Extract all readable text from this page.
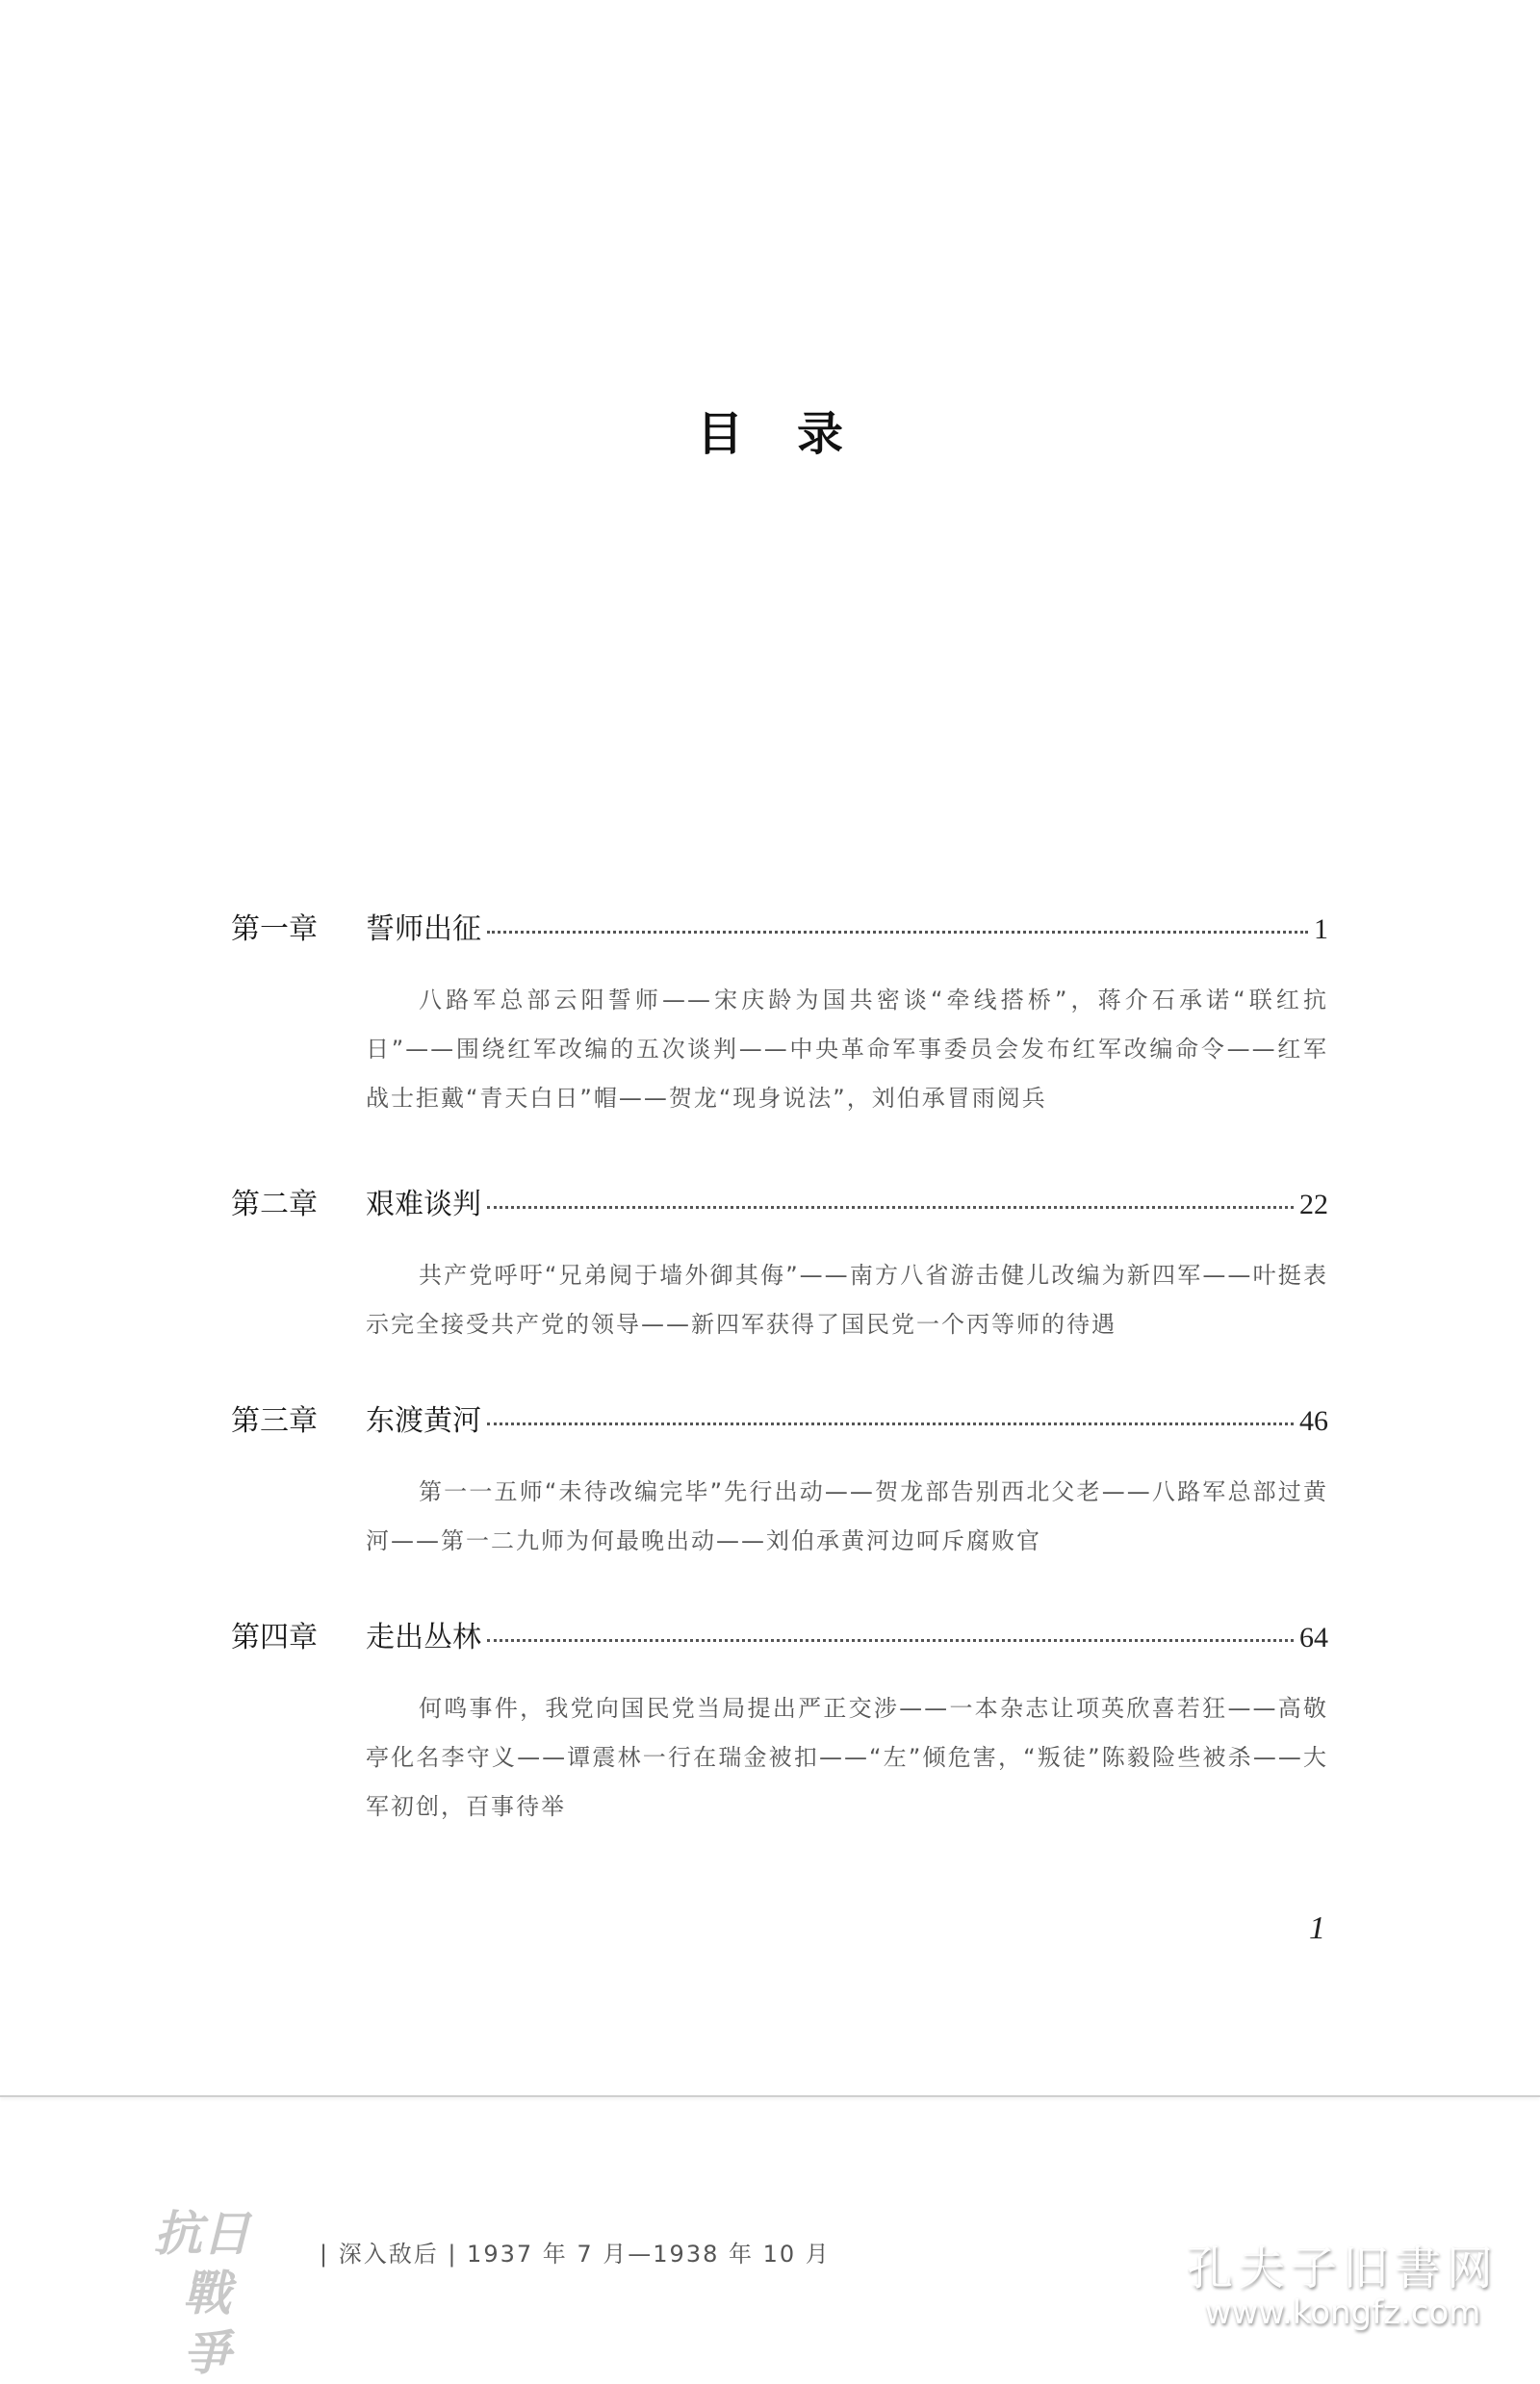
目录
第一章	誓师出征	1
八路军总部云阳誓师——宋庆龄为国共密谈“牵线搭桥”，蒋介石承诺“联红抗日”——围绕红军改编的五次谈判——中央革命军事委员会发布红军改编命令——红军战士拒戴“青天白日”帽——贺龙“现身说法”，刘伯承冒雨阅兵
第二章	艰难谈判	22
共产党呼吁“兄弟阋于墙外御其侮”——南方八省游击健儿改编为新四军——叶挺表示完全接受共产党的领导——新四军获得了国民党一个丙等师的待遇
第三章	东渡黄河	46
第一一五师“未待改编完毕”先行出动——贺龙部告别西北父老——八路军总部过黄河——第一二九师为何最晚出动——刘伯承黄河边呵斥腐败官
第四章	走出丛林	64
何鸣事件，我党向国民党当局提出严正交涉——一本杂志让项英欣喜若狂——高敬亭化名李守义——谭震林一行在瑞金被扣——“左”倾危害，“叛徒”陈毅险些被杀——大军初创，百事待举
1
抗日
戰爭
| 深入敌后 | 1937 年 7 月—1938 年 10 月	孔夫子旧書网
www.kongfz.com
